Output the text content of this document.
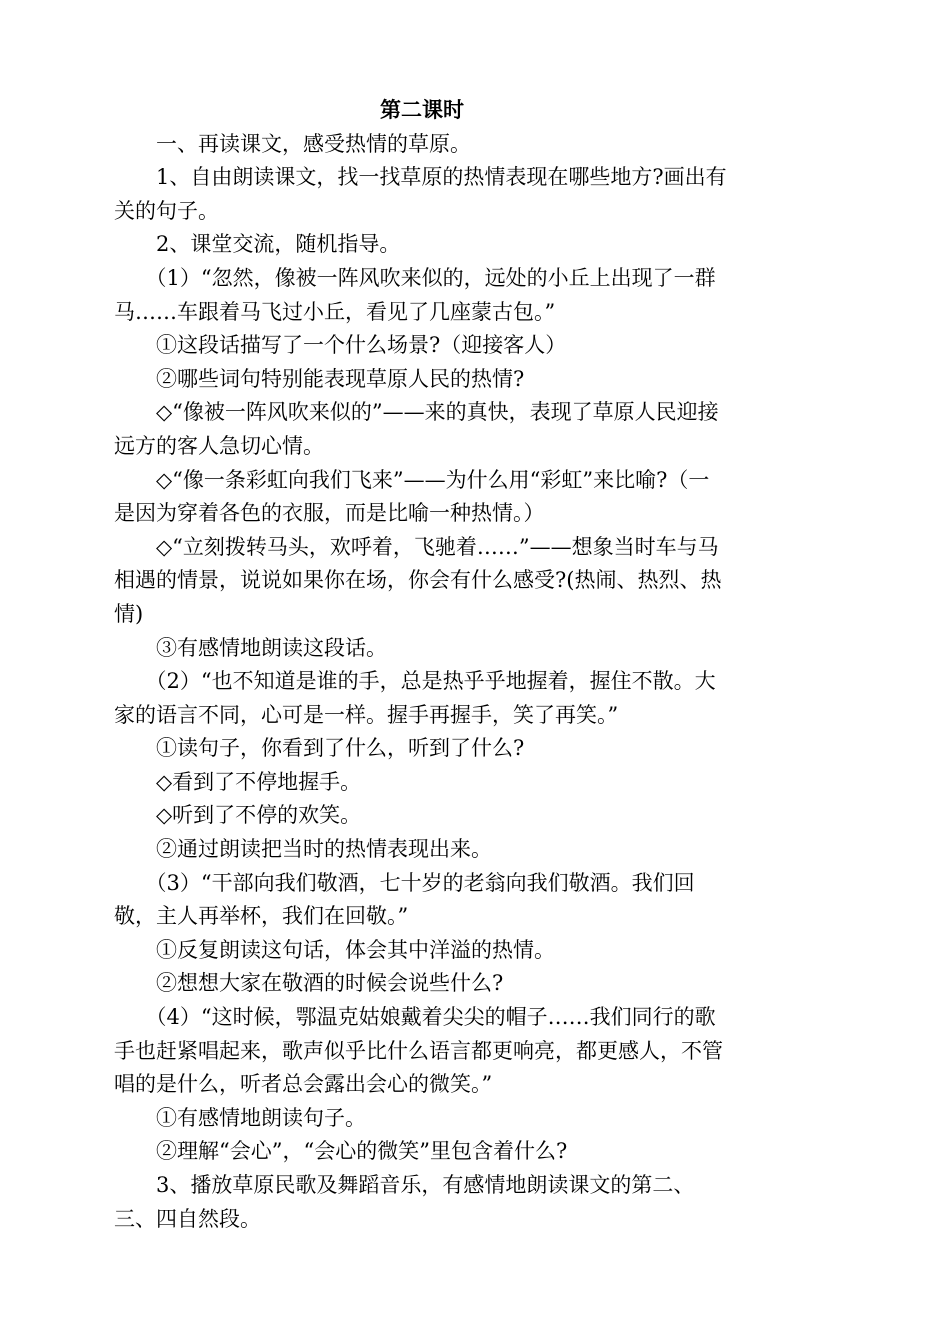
第二课时

一、再读课文，感受热情的草原。

1、自由朗读课文，找一找草原的热情表现在哪些地方?画出有关的句子。

2、课堂交流，随机指导。

（1）“忽然，像被一阵风吹来似的，远处的小丘上出现了一群马……车跟着马飞过小丘，看见了几座蒙古包。”

①这段话描写了一个什么场景?（迎接客人）

②哪些词句特别能表现草原人民的热情?

◇“像被一阵风吹来似的”——来的真快，表现了草原人民迎接远方的客人急切心情。

◇“像一条彩虹向我们飞来”——为什么用“彩虹”来比喻?（一是因为穿着各色的衣服，而是比喻一种热情。）

◇“立刻拨转马头，欢呼着，飞驰着……”——想象当时车与马相遇的情景，说说如果你在场，你会有什么感受?(热闹、热烈、热情)

③有感情地朗读这段话。

（2）“也不知道是谁的手，总是热乎乎地握着，握住不散。大家的语言不同，心可是一样。握手再握手，笑了再笑。”

①读句子，你看到了什么，听到了什么?

◇看到了不停地握手。

◇听到了不停的欢笑。

②通过朗读把当时的热情表现出来。

（3）“干部向我们敬酒，七十岁的老翁向我们敬酒。我们回敬，主人再举杯，我们在回敬。”

①反复朗读这句话，体会其中洋溢的热情。

②想想大家在敬酒的时候会说些什么?

（4）“这时候，鄂温克姑娘戴着尖尖的帽子……我们同行的歌手也赶紧唱起来，歌声似乎比什么语言都更响亮，都更感人，不管唱的是什么，听者总会露出会心的微笑。”

①有感情地朗读句子。

②理解“会心”，“会心的微笑”里包含着什么?

3、播放草原民歌及舞蹈音乐，有感情地朗读课文的第二、三、四自然段。
